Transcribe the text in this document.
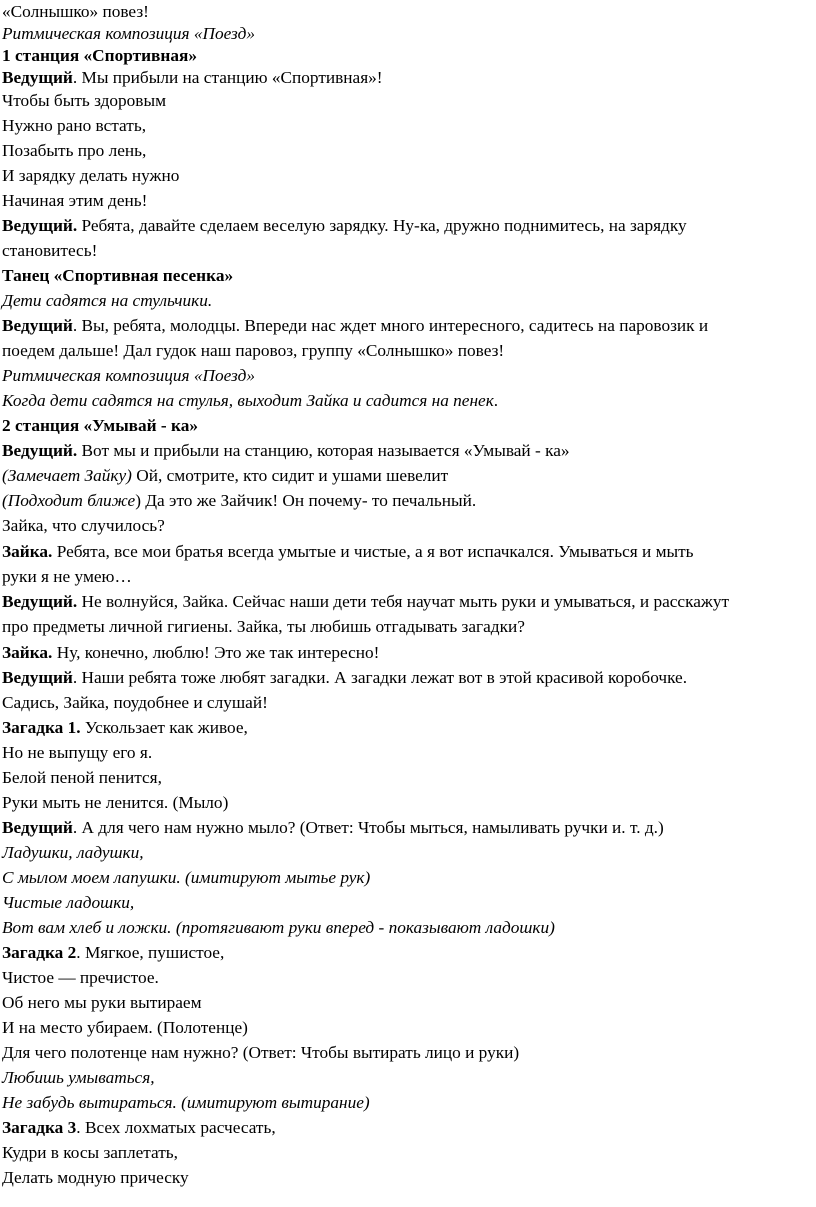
«Солнышко» повез!
Ритмическая композиция «Поезд»
1 станция «Спортивная»
Ведущий. Мы прибыли на станцию «Спортивная»!
Чтобы быть здоровым
Нужно рано встать,
Позабыть про лень,
И зарядку делать нужно
Начиная этим день!
Ведущий. Ребята, давайте сделаем веселую зарядку. Ну-ка, дружно поднимитесь, на зарядку
становитесь!
Танец «Спортивная песенка»
Дети садятся на стульчики.
Ведущий. Вы, ребята, молодцы. Впереди нас ждет много интересного, садитесь на паровозик и
поедем дальше! Дал гудок наш паровоз, группу «Солнышко» повез!
Ритмическая композиция «Поезд»
Когда дети садятся на стулья, выходит Зайка и садится на пенек.
2 станция «Умывай - ка»
Ведущий. Вот мы и прибыли на станцию, которая называется «Умывай - ка»
(Замечает Зайку) Ой, смотрите, кто сидит и ушами шевелит
(Подходит ближе) Да это же Зайчик! Он почему- то печальный.
Зайка, что случилось?
Зайка. Ребята, все мои братья всегда умытые и чистые, а я вот испачкался. Умываться и мыть
руки я не умею…
Ведущий. Не волнуйся, Зайка. Сейчас наши дети тебя научат мыть руки и умываться, и расскажут
про предметы личной гигиены. Зайка, ты любишь отгадывать загадки?
Зайка. Ну, конечно, люблю! Это же так интересно!
Ведущий. Наши ребята тоже любят загадки. А загадки лежат вот в этой красивой коробочке.
Садись, Зайка, поудобнее и слушай!
Загадка 1. Ускользает как живое,
Но не выпущу его я.
Белой пеной пенится,
Руки мыть не ленится. (Мыло)
Ведущий. А для чего нам нужно мыло? (Ответ: Чтобы мыться, намыливать ручки и. т. д.)
Ладушки, ладушки,
С мылом моем лапушки. (имитируют мытье рук)
Чистые ладошки,
Вот вам хлеб и ложки. (протягивают руки вперед - показывают ладошки)
Загадка 2. Мягкое, пушистое,
Чистое — пречистое.
Об него мы руки вытираем
И на место убираем. (Полотенце)
Для чего полотенце нам нужно? (Ответ: Чтобы вытирать лицо и руки)
Любишь умываться,
Не забудь вытираться. (имитируют вытирание)
Загадка 3. Всех лохматых расчесать,
Кудри в косы заплетать,
Делать модную прическу
